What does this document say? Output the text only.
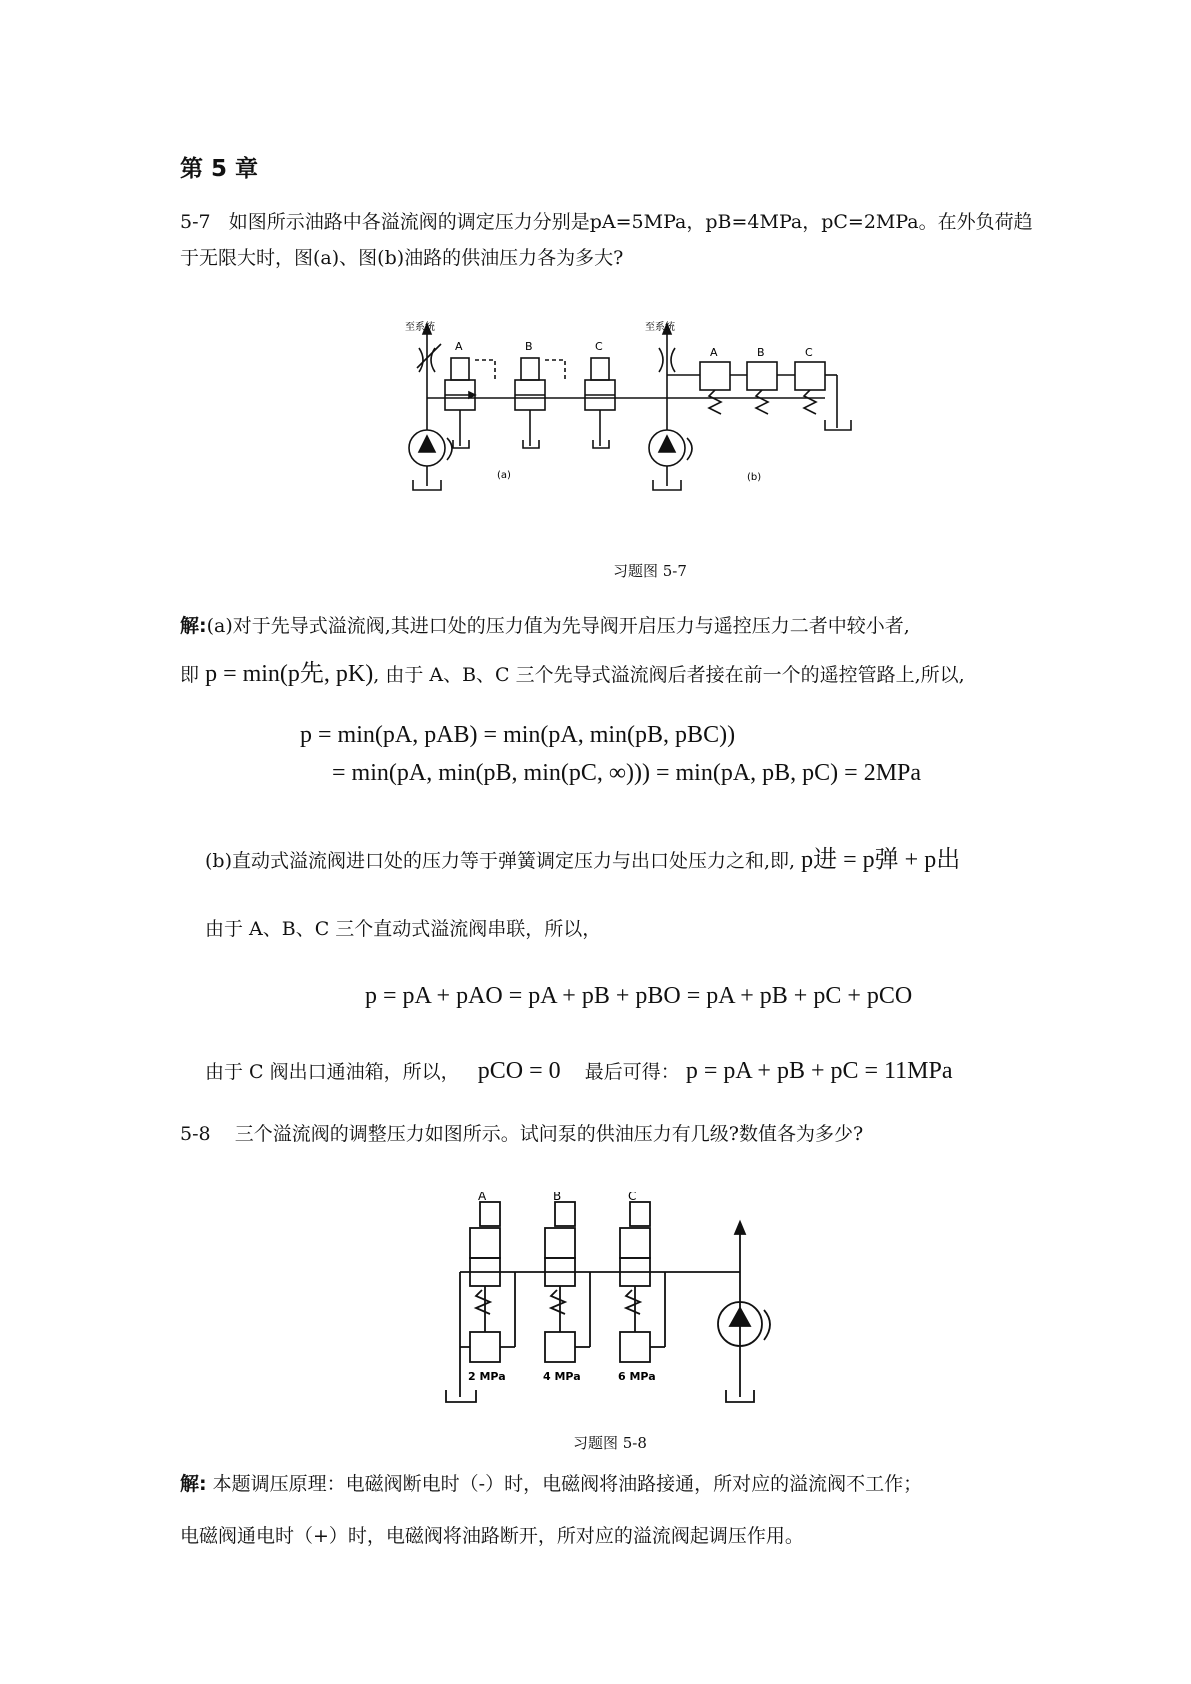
第 5 章
5-7 如图所示油路中各溢流阀的调定压力分别是pA=5MPa，pB=4MPa，pC=2MPa。在外负荷趋
于无限大时，图(a)、图(b)油路的供油压力各为多大?
至系统	至系统
A	B	C	A	B	C
(a)	(b)
习题图 5-7
解:(a)对于先导式溢流阀,其进口处的压力值为先导阀开启压力与遥控压力二者中较小者,
即 p = min(p先, pK), 由于 A、B、C 三个先导式溢流阀后者接在前一个的遥控管路上,所以,
p = min(pA, pAB) = min(pA, min(pB, pBC))
= min(pA, min(pB, min(pC, ∞))) = min(pA, pB, pC) = 2MPa
(b)直动式溢流阀进口处的压力等于弹簧调定压力与出口处压力之和,即, p进 = p弹 + p出
由于 A、B、C 三个直动式溢流阀串联，所以，
p = pA + pAO = pA + pB + pBO = pA + pB + pC + pCO
由于 C 阀出口通油箱，所以， pCO = 0 最后可得： p = pA + pB + pC = 11MPa
5-8 三个溢流阀的调整压力如图所示。试问泵的供油压力有几级?数值各为多少?
A	B	C
2 MPa	4 MPa	6 MPa
习题图 5-8
解: 本题调压原理：电磁阀断电时（-）时，电磁阀将油路接通，所对应的溢流阀不工作；
电磁阀通电时（+）时，电磁阀将油路断开，所对应的溢流阀起调压作用。
